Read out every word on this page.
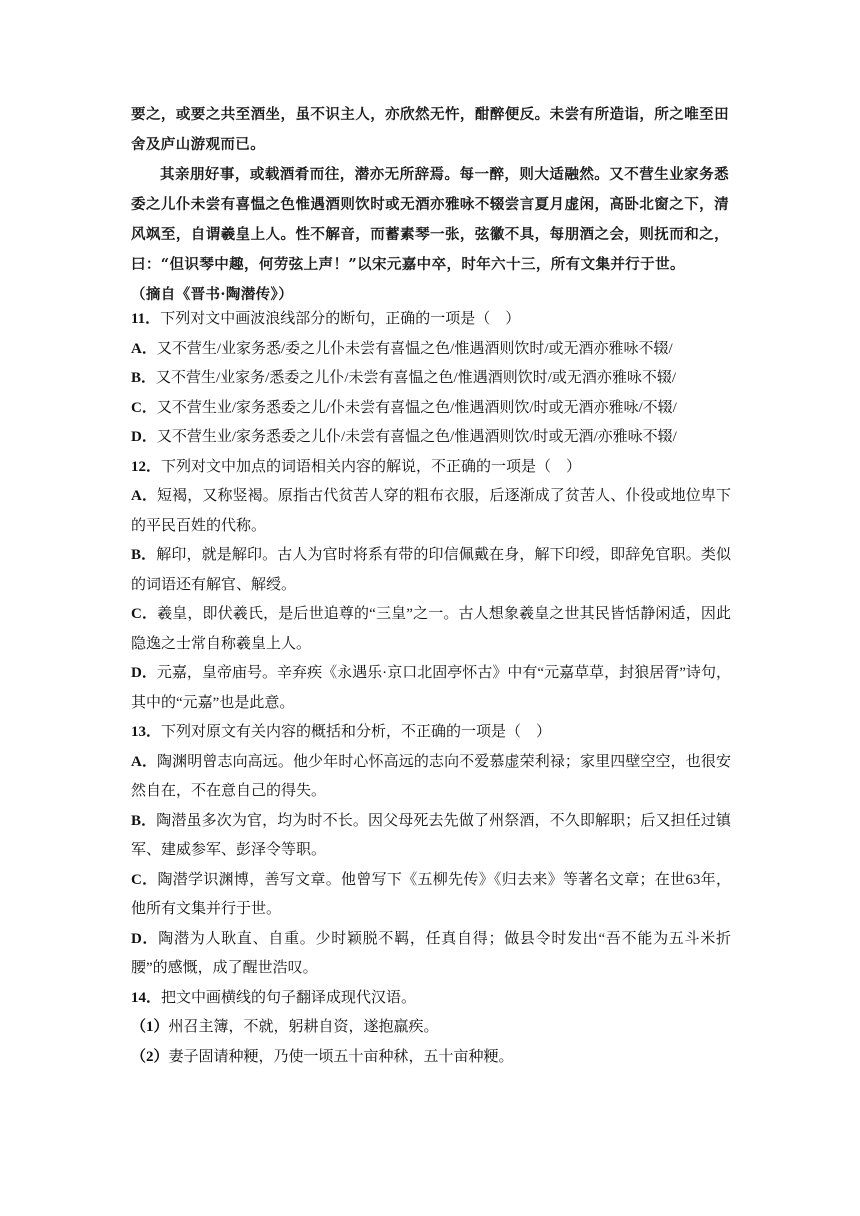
要之，或要之共至酒坐，虽不识主人，亦欣然无忤，酣醉便反。未尝有所造诣，所之唯至田舍及庐山游观而已。

其亲朋好事，或载酒肴而往，潜亦无所辞焉。每一醉，则大适融然。又不营生业家务悉委之儿仆未尝有喜愠之色惟遇酒则饮时或无酒亦雅咏不辍尝言夏月虚闲，高卧北窗之下，清风飒至，自谓羲皇上人。性不解音，而蓄素琴一张，弦徽不具，每朋酒之会，则抚而和之，曰：“但识琴中趣，何劳弦上声！”以宋元嘉中卒，时年六十三，所有文集并行于世。

（摘自《晋书·陶潜传》）

11．下列对文中画波浪线部分的断句，正确的一项是（　）

A．又不营生/业家务悉/委之儿仆未尝有喜愠之色/惟遇酒则饮时/或无酒亦雅咏不辍/

B．又不营生/业家务/悉委之儿仆/未尝有喜愠之色/惟遇酒则饮时/或无酒亦雅咏不辍/

C．又不营生业/家务悉委之儿/仆未尝有喜愠之色/惟遇酒则饮/时或无酒亦雅咏/不辍/

D．又不营生业/家务悉委之儿仆/未尝有喜愠之色/惟遇酒则饮/时或无酒/亦雅咏不辍/

12．下列对文中加点的词语相关内容的解说，不正确的一项是（　）

A．短褐，又称竖褐。原指古代贫苦人穿的粗布衣服，后逐渐成了贫苦人、仆役或地位卑下的平民百姓的代称。

B．解印，就是解印。古人为官时将系有带的印信佩戴在身，解下印绶，即辞免官职。类似的词语还有解官、解绶。

C．羲皇，即伏羲氏，是后世追尊的“三皇”之一。古人想象羲皇之世其民皆恬静闲适，因此隐逸之士常自称羲皇上人。

D．元嘉，皇帝庙号。辛弃疾《永遇乐·京口北固亭怀古》中有“元嘉草草，封狼居胥”诗句，其中的“元嘉”也是此意。

13．下列对原文有关内容的概括和分析，不正确的一项是（　）

A．陶渊明曾志向高远。他少年时心怀高远的志向不爱慕虚荣利禄；家里四壁空空，也很安然自在，不在意自己的得失。

B．陶潜虽多次为官，均为时不长。因父母死去先做了州祭酒，不久即解职；后又担任过镇军、建威参军、彭泽令等职。

C．陶潜学识渊博，善写文章。他曾写下《五柳先传》《归去来》等著名文章；在世63年，他所有文集并行于世。

D．陶潜为人耿直、自重。少时颖脱不羁，任真自得；做县令时发出“吾不能为五斗米折腰”的感慨，成了醒世浩叹。

14．把文中画横线的句子翻译成现代汉语。

（1）州召主簿，不就，躬耕自资，遂抱羸疾。

（2）妻子固请种粳，乃使一顷五十亩种秫，五十亩种粳。
